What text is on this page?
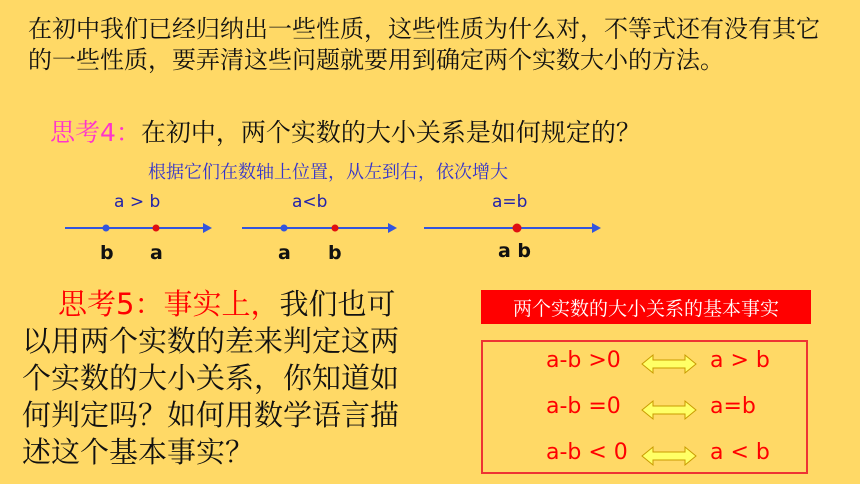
在初中我们已经归纳出一些性质，这些性质为什么对，不等式还有没有其它的一些性质，要弄清这些问题就要用到确定两个实数大小的方法。
思考4：在初中，两个实数的大小关系是如何规定的？
根据它们在数轴上位置，从左到右，依次增大
a > b
b a
a<b
a b
a=b
a b
思考5：事实上，我们也可以用两个实数的差来判定这两个实数的大小关系，你知道如何判定吗？如何用数学语言描述这个基本事实？
两个实数的大小关系的基本事实
a-b >0	a > b
a-b =0	a=b
a-b < 0	a < b
